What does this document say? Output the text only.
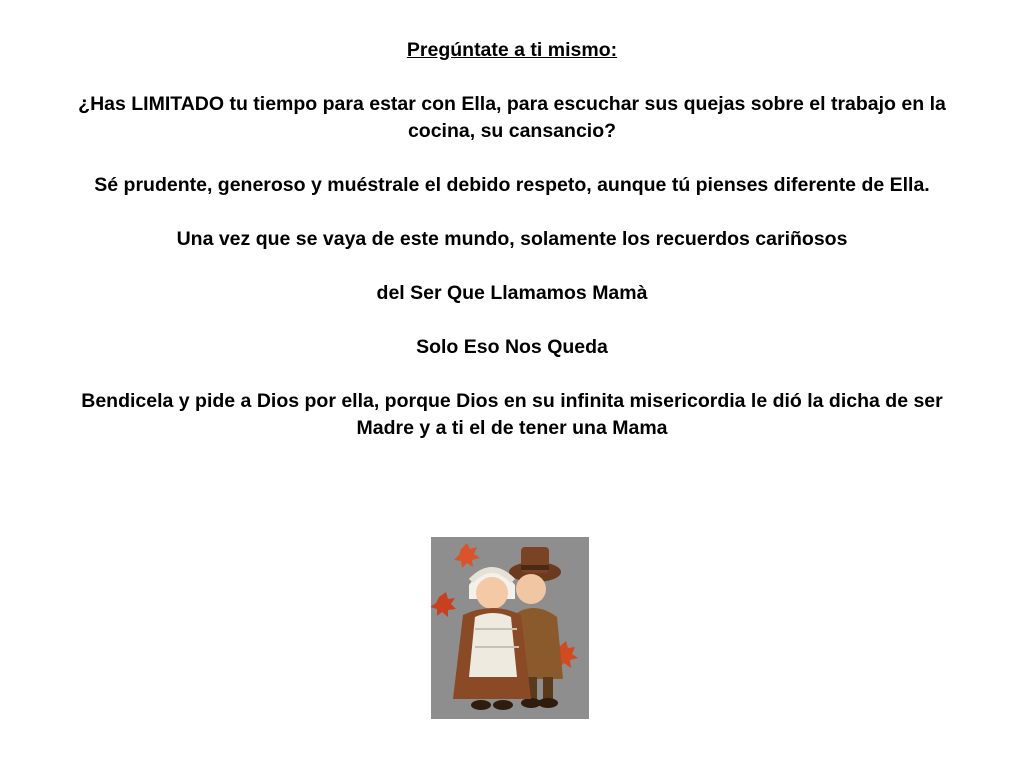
Pregúntate a ti mismo:

¿Has LIMITADO tu tiempo para estar con Ella, para escuchar sus quejas sobre el trabajo en la cocina, su cansancio?

Sé prudente, generoso y muéstrale el debido respeto, aunque tú pienses diferente de Ella.

Una vez que se vaya de este mundo, solamente los recuerdos cariñosos

del Ser Que Llamamos Mamà

Solo Eso Nos Queda

Bendicela y pide a Dios por ella, porque Dios en su infinita misericordia le dió la dicha de ser Madre y a ti el de tener una Mama
